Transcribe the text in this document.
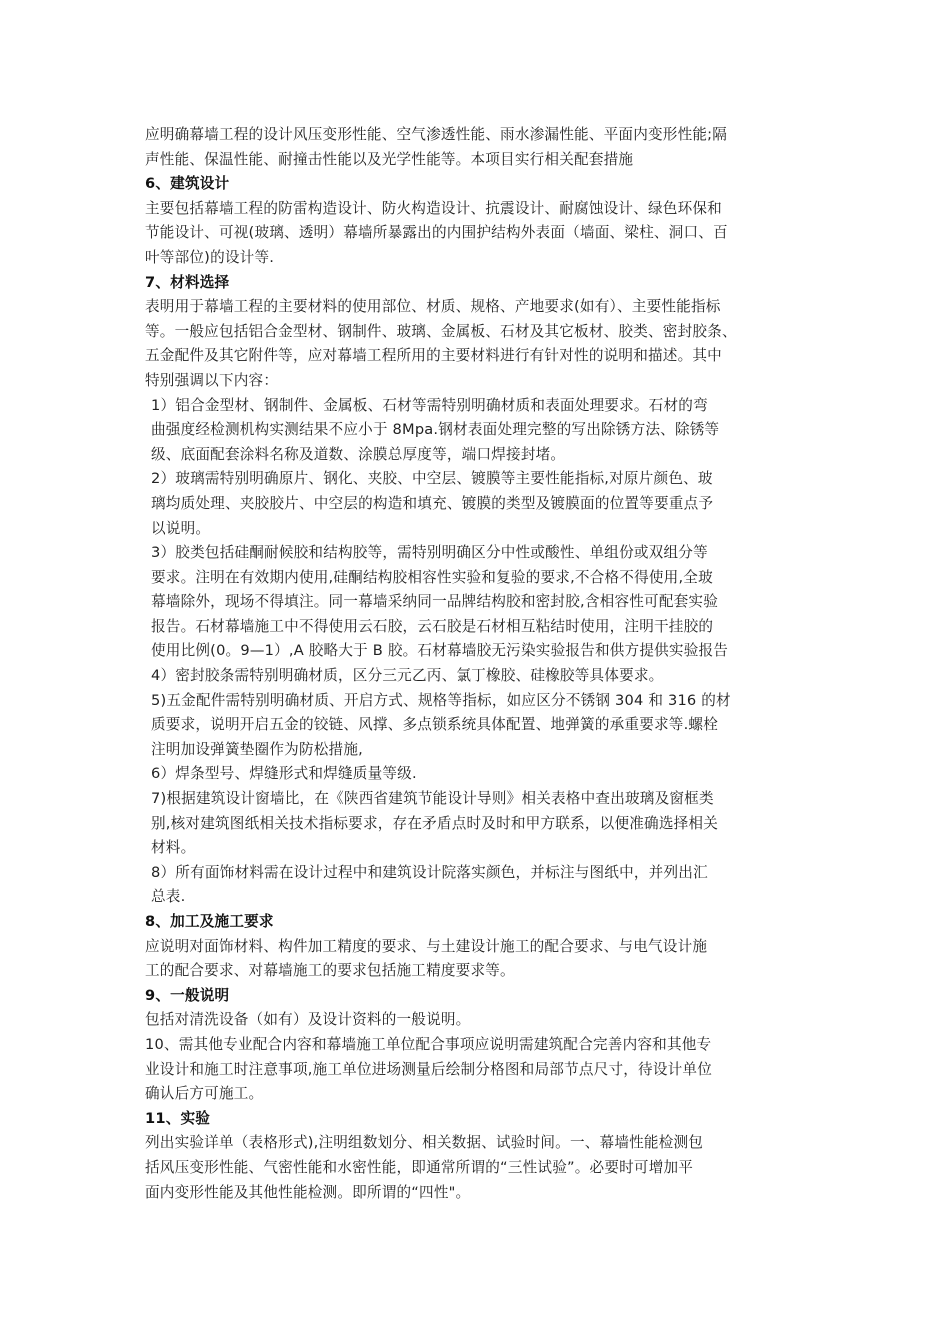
应明确幕墙工程的设计风压变形性能、空气渗透性能、雨水渗漏性能、平面内变形性能;隔
声性能、保温性能、耐撞击性能以及光学性能等。本项目实行相关配套措施
6、建筑设计
主要包括幕墙工程的防雷构造设计、防火构造设计、抗震设计、耐腐蚀设计、绿色环保和
节能设计、可视(玻璃、透明）幕墙所暴露出的内围护结构外表面（墙面、梁柱、洞口、百
叶等部位)的设计等.
7、材料选择
表明用于幕墙工程的主要材料的使用部位、材质、规格、产地要求(如有）、主要性能指标
等。一般应包括铝合金型材、钢制件、玻璃、金属板、石材及其它板材、胶类、密封胶条、
五金配件及其它附件等，应对幕墙工程所用的主要材料进行有针对性的说明和描述。其中
特别强调以下内容：
1）铝合金型材、钢制件、金属板、石材等需特别明确材质和表面处理要求。石材的弯
曲强度经检测机构实测结果不应小于 8Mpa.钢材表面处理完整的写出除锈方法、除锈等
级、底面配套涂料名称及道数、涂膜总厚度等，端口焊接封堵。
2）玻璃需特别明确原片、钢化、夹胶、中空层、镀膜等主要性能指标,对原片颜色、玻
璃均质处理、夹胶胶片、中空层的构造和填充、镀膜的类型及镀膜面的位置等要重点予
以说明。
3）胶类包括硅酮耐候胶和结构胶等，需特别明确区分中性或酸性、单组份或双组分等
要求。注明在有效期内使用,硅酮结构胶相容性实验和复验的要求,不合格不得使用,全玻
幕墙除外，现场不得填注。同一幕墙采纳同一品牌结构胶和密封胶,含相容性可配套实验
报告。石材幕墙施工中不得使用云石胶，云石胶是石材相互粘结时使用，注明干挂胶的
使用比例(0。9—1）,A 胶略大于 B 胶。石材幕墙胶无污染实验报告和供方提供实验报告
4）密封胶条需特别明确材质，区分三元乙丙、氯丁橡胶、硅橡胶等具体要求。
5)五金配件需特别明确材质、开启方式、规格等指标，如应区分不锈钢 304 和 316 的材
质要求，说明开启五金的铰链、风撑、多点锁系统具体配置、地弹簧的承重要求等.螺栓
注明加设弹簧垫圈作为防松措施,
6）焊条型号、焊缝形式和焊缝质量等级.
7)根据建筑设计窗墙比，在《陕西省建筑节能设计导则》相关表格中查出玻璃及窗框类
别,核对建筑图纸相关技术指标要求，存在矛盾点时及时和甲方联系，以便准确选择相关
材料。
8）所有面饰材料需在设计过程中和建筑设计院落实颜色，并标注与图纸中，并列出汇
总表.
8、加工及施工要求
应说明对面饰材料、构件加工精度的要求、与土建设计施工的配合要求、与电气设计施
工的配合要求、对幕墙施工的要求包括施工精度要求等。
9、一般说明
包括对清洗设备（如有）及设计资料的一般说明。
10、需其他专业配合内容和幕墙施工单位配合事项应说明需建筑配合完善内容和其他专
业设计和施工时注意事项,施工单位进场测量后绘制分格图和局部节点尺寸，待设计单位
确认后方可施工。
11、实验
列出实验详单（表格形式),注明组数划分、相关数据、试验时间。一、幕墙性能检测包
括风压变形性能、气密性能和水密性能，即通常所谓的“三性试验”。必要时可增加平
面内变形性能及其他性能检测。即所谓的“四性"。
